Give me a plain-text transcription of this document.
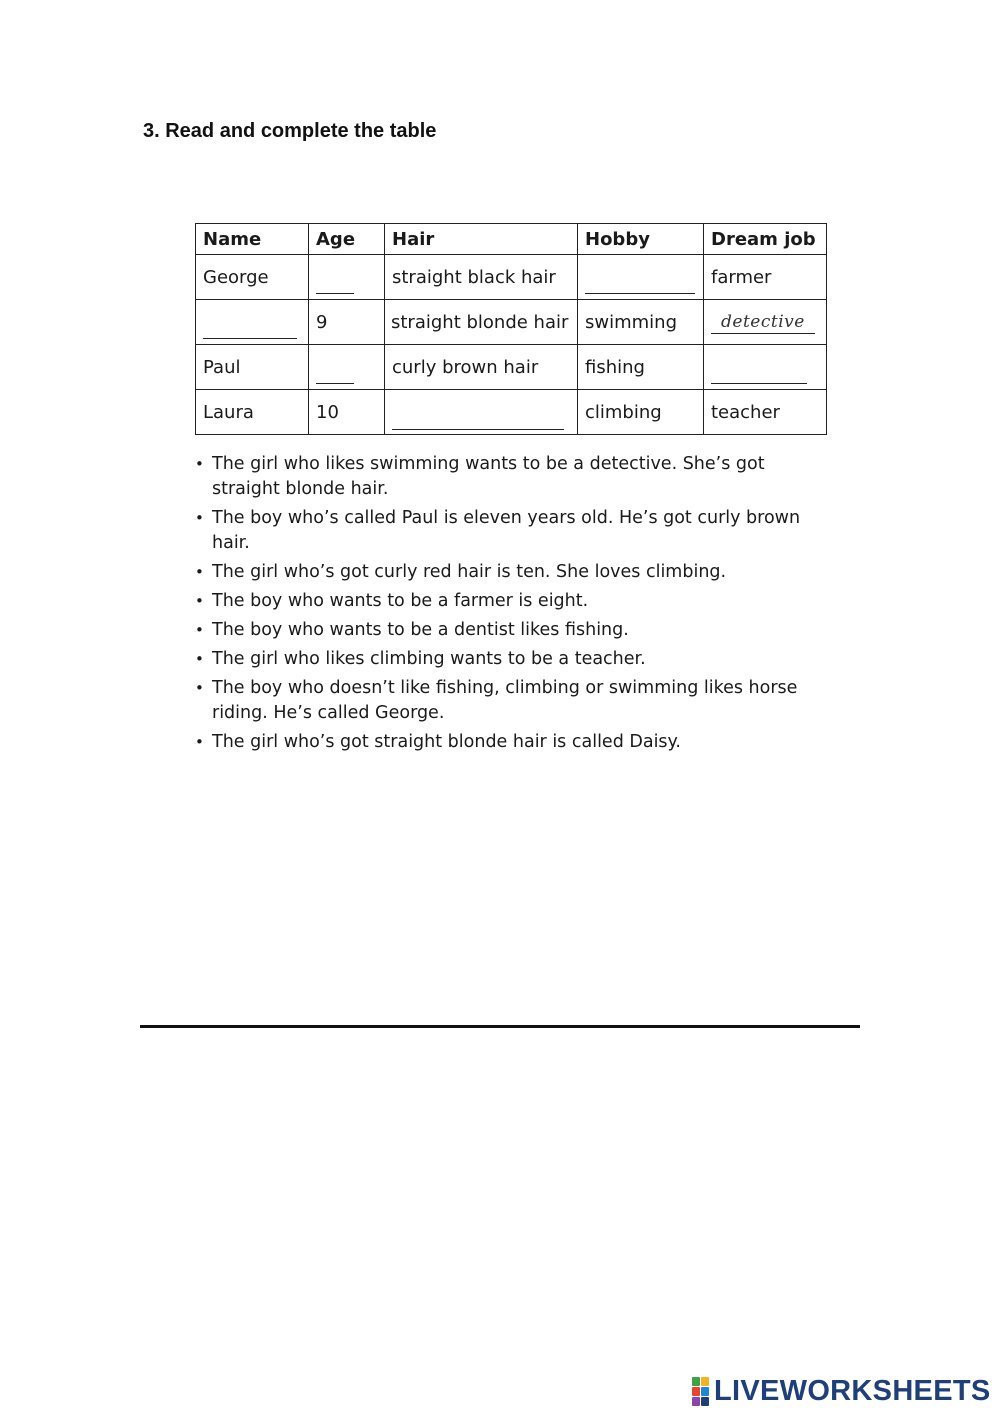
3. Read and complete the table
Name	Age	Hair	Hobby	Dream job
George		straight black hair		farmer
	9	straight blonde hair	swimming	detective
Paul		curly brown hair	fishing	
Laura	10		climbing	teacher
• The girl who likes swimming wants to be a detective. She’s got straight blonde hair.
• The boy who’s called Paul is eleven years old. He’s got curly brown hair.
• The girl who’s got curly red hair is ten. She loves climbing.
• The boy who wants to be a farmer is eight.
• The boy who wants to be a dentist likes fishing.
• The girl who likes climbing wants to be a teacher.
• The boy who doesn’t like fishing, climbing or swimming likes horse riding. He’s called George.
• The girl who’s got straight blonde hair is called Daisy.
LIVEWORKSHEETS
